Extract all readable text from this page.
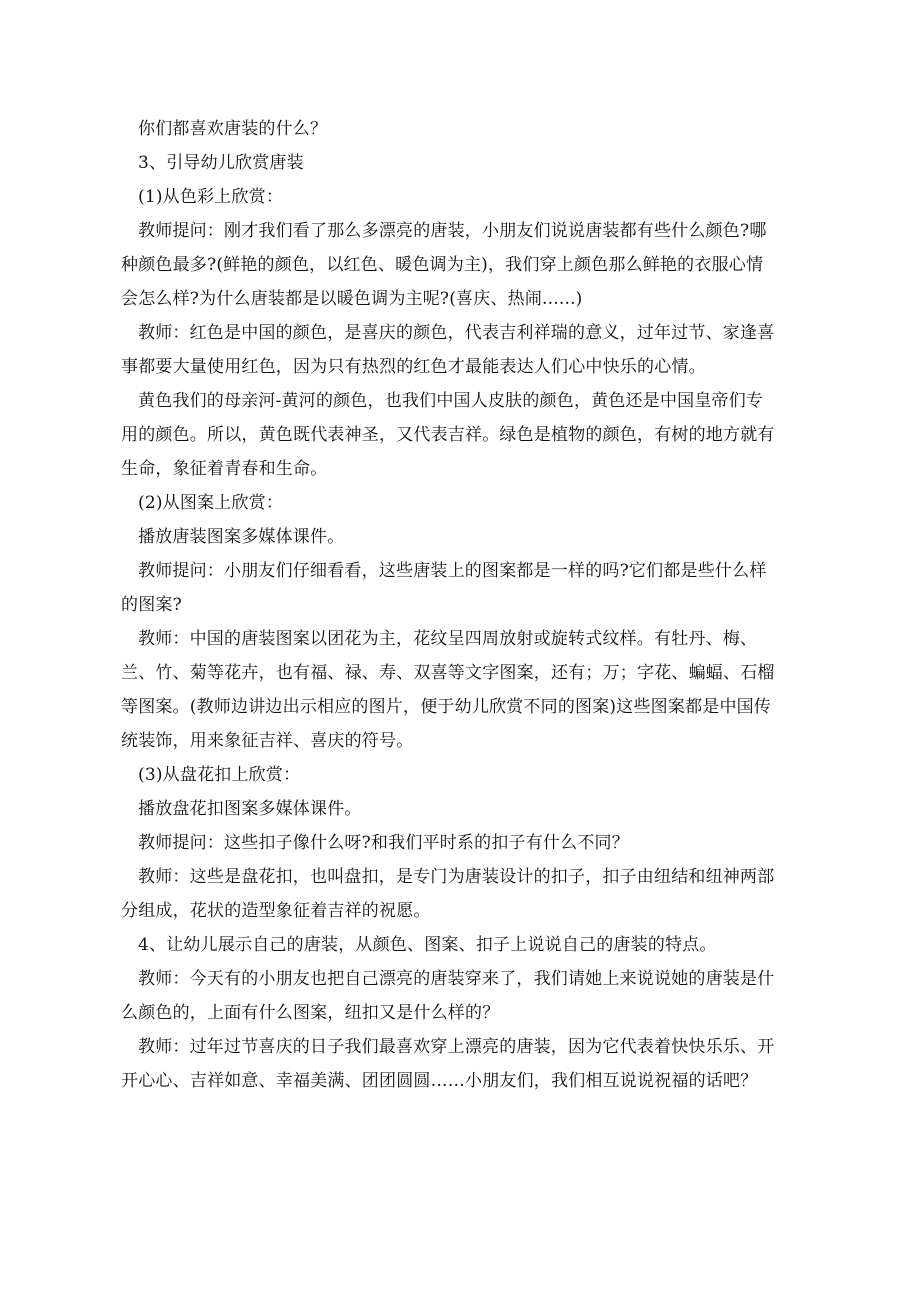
你们都喜欢唐装的什么？
3、引导幼儿欣赏唐装
(1)从色彩上欣赏：
教师提问：刚才我们看了那么多漂亮的唐装，小朋友们说说唐装都有些什么颜色?哪
种颜色最多?(鲜艳的颜色，以红色、暖色调为主)，我们穿上颜色那么鲜艳的衣服心情
会怎么样?为什么唐装都是以暖色调为主呢?(喜庆、热闹......)
教师：红色是中国的颜色，是喜庆的颜色，代表吉利祥瑞的意义，过年过节、家逢喜
事都要大量使用红色，因为只有热烈的红色才最能表达人们心中快乐的心情。
黄色我们的母亲河-黄河的颜色，也我们中国人皮肤的颜色，黄色还是中国皇帝们专
用的颜色。所以，黄色既代表神圣，又代表吉祥。绿色是植物的颜色，有树的地方就有
生命，象征着青春和生命。
(2)从图案上欣赏：
播放唐装图案多媒体课件。
教师提问：小朋友们仔细看看，这些唐装上的图案都是一样的吗?它们都是些什么样
的图案?
教师：中国的唐装图案以团花为主，花纹呈四周放射或旋转式纹样。有牡丹、梅、
兰、竹、菊等花卉，也有福、禄、寿、双喜等文字图案，还有；万；字花、蝙蝠、石榴
等图案。(教师边讲边出示相应的图片，便于幼儿欣赏不同的图案)这些图案都是中国传
统装饰，用来象征吉祥、喜庆的符号。
(3)从盘花扣上欣赏：
播放盘花扣图案多媒体课件。
教师提问：这些扣子像什么呀?和我们平时系的扣子有什么不同？
教师：这些是盘花扣，也叫盘扣，是专门为唐装设计的扣子，扣子由纽结和纽神两部
分组成，花状的造型象征着吉祥的祝愿。
4、让幼儿展示自己的唐装，从颜色、图案、扣子上说说自己的唐装的特点。
教师：今天有的小朋友也把自己漂亮的唐装穿来了，我们请她上来说说她的唐装是什
么颜色的，上面有什么图案，纽扣又是什么样的？
教师：过年过节喜庆的日子我们最喜欢穿上漂亮的唐装，因为它代表着快快乐乐、开
开心心、吉祥如意、幸福美满、团团圆圆……小朋友们，我们相互说说祝福的话吧？
